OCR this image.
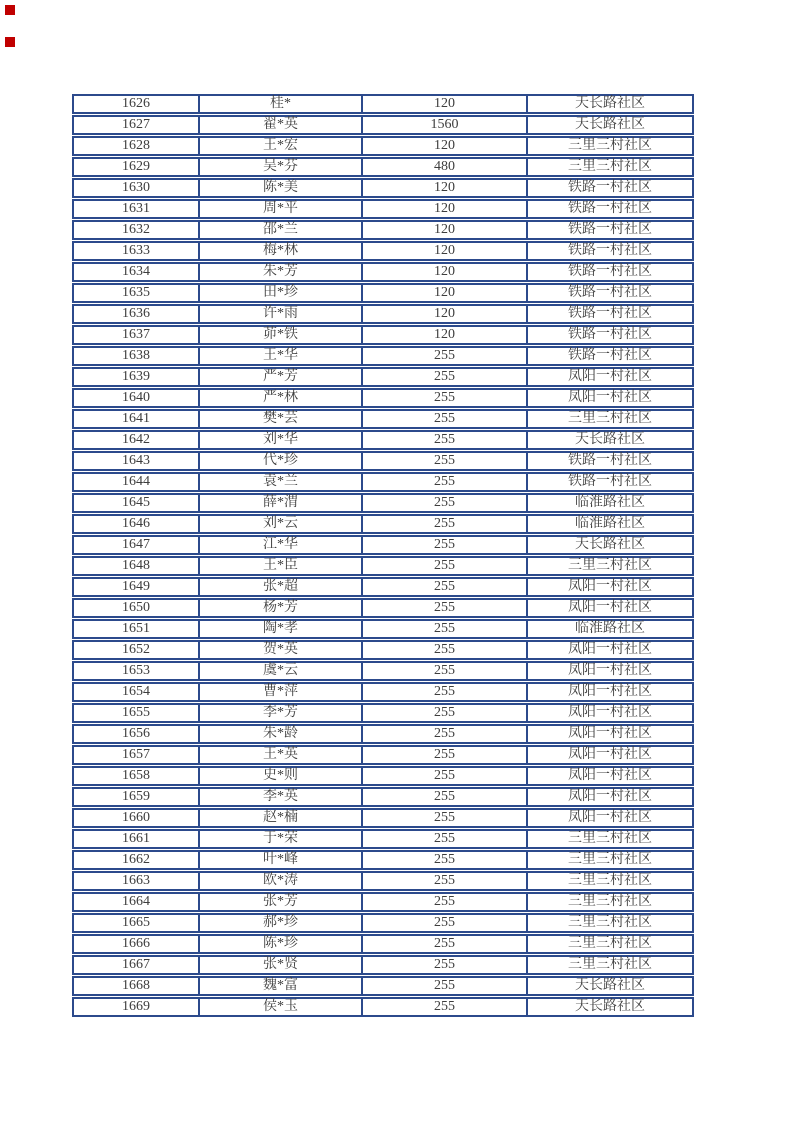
1626	桂*	120	天长路社区
1627	翟*英	1560	天长路社区
1628	王*宏	120	三里三村社区
1629	吴*芬	480	三里三村社区
1630	陈*美	120	铁路一村社区
1631	周*平	120	铁路一村社区
1632	邵*兰	120	铁路一村社区
1633	梅*林	120	铁路一村社区
1634	朱*芳	120	铁路一村社区
1635	田*珍	120	铁路一村社区
1636	许*雨	120	铁路一村社区
1637	茆*铁	120	铁路一村社区
1638	王*华	255	铁路一村社区
1639	严*芳	255	凤阳一村社区
1640	严*林	255	凤阳一村社区
1641	樊*芸	255	三里三村社区
1642	刘*华	255	天长路社区
1643	代*珍	255	铁路一村社区
1644	袁*兰	255	铁路一村社区
1645	薛*渭	255	临淮路社区
1646	刘*云	255	临淮路社区
1647	江*华	255	天长路社区
1648	王*臣	255	三里三村社区
1649	张*超	255	凤阳一村社区
1650	杨*芳	255	凤阳一村社区
1651	陶*孝	255	临淮路社区
1652	贺*英	255	凤阳一村社区
1653	虞*云	255	凤阳一村社区
1654	曹*萍	255	凤阳一村社区
1655	李*芳	255	凤阳一村社区
1656	朱*龄	255	凤阳一村社区
1657	王*英	255	凤阳一村社区
1658	史*则	255	凤阳一村社区
1659	李*英	255	凤阳一村社区
1660	赵*楠	255	凤阳一村社区
1661	于*荣	255	三里三村社区
1662	叶*峰	255	三里三村社区
1663	欧*涛	255	三里三村社区
1664	张*芳	255	三里三村社区
1665	郝*珍	255	三里三村社区
1666	陈*珍	255	三里三村社区
1667	张*贤	255	三里三村社区
1668	魏*富	255	天长路社区
1669	侯*玉	255	天长路社区
